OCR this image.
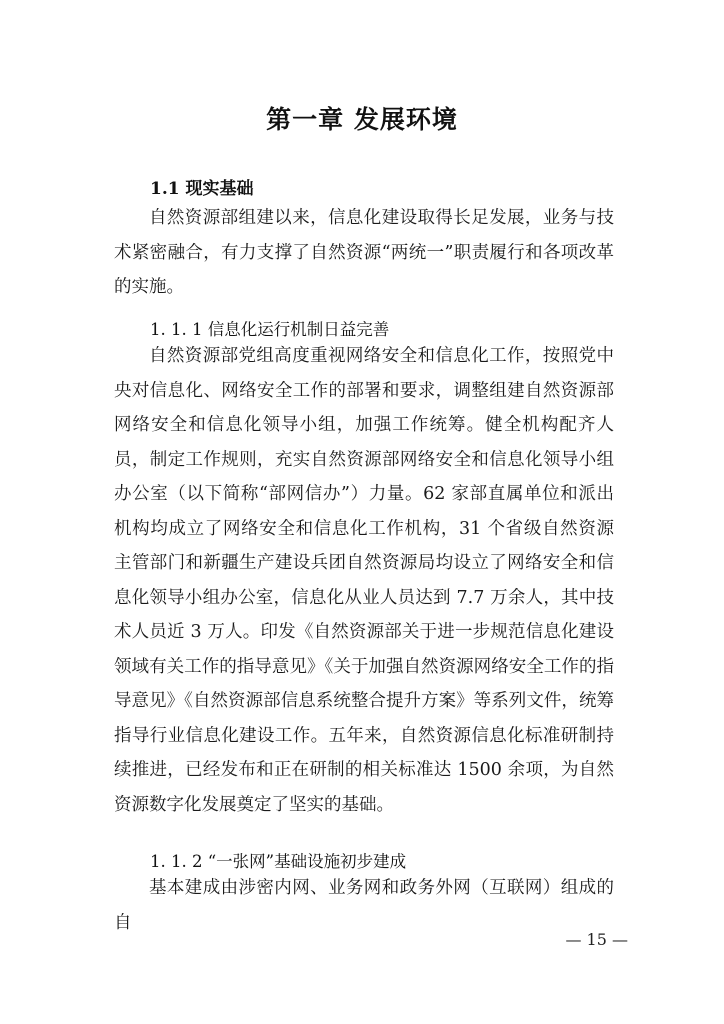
第一章 发展环境
1.1 现实基础

自然资源部组建以来，信息化建设取得长足发展，业务与技术紧密融合，有力支撑了自然资源“两统一”职责履行和各项改革的实施。

1. 1. 1 信息化运行机制日益完善

自然资源部党组高度重视网络安全和信息化工作，按照党中央对信息化、网络安全工作的部署和要求，调整组建自然资源部网络安全和信息化领导小组，加强工作统筹。健全机构配齐人员，制定工作规则，充实自然资源部网络安全和信息化领导小组办公室（以下简称“部网信办”）力量。62 家部直属单位和派出机构均成立了网络安全和信息化工作机构，31 个省级自然资源主管部门和新疆生产建设兵团自然资源局均设立了网络安全和信息化领导小组办公室，信息化从业人员达到 7.7 万余人，其中技术人员近 3 万人。印发《自然资源部关于进一步规范信息化建设领域有关工作的指导意见》《关于加强自然资源网络安全工作的指导意见》《自然资源部信息系统整合提升方案》等系列文件，统筹指导行业信息化建设工作。五年来，自然资源信息化标准研制持续推进，已经发布和正在研制的相关标准达 1500 余项，为自然资源数字化发展奠定了坚实的基础。

1. 1. 2 “一张网”基础设施初步建成

基本建成由涉密内网、业务网和政务外网（互联网）组成的自

— 15 —
